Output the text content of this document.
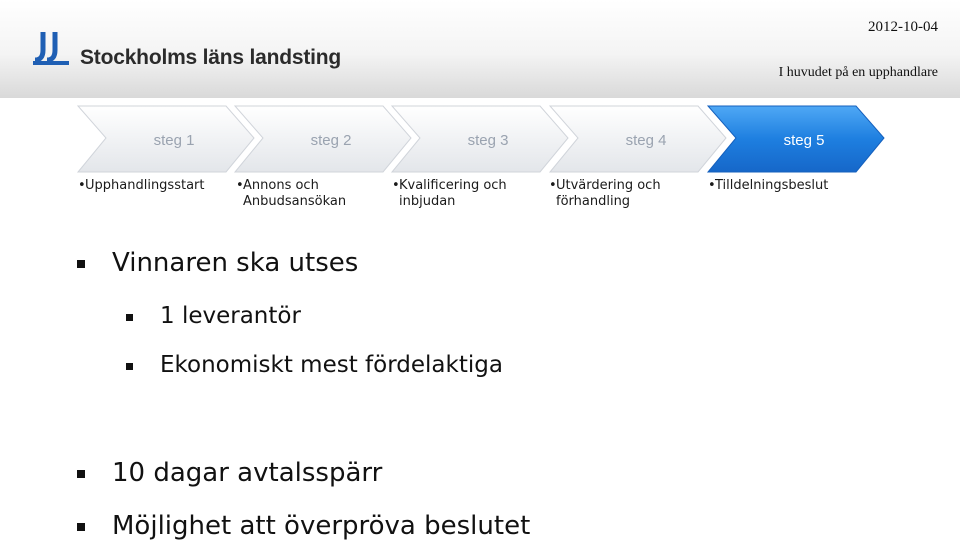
Stockholms läns landsting
2012-10-04
I huvudet på en upphandlare
steg 1	steg 2	steg 3	steg 4	steg 5
• Upphandlingsstart	• Annons och Anbudsansökan
• Kvalificering och inbjudan
• Utvärdering och förhandling
• Tilldelningsbeslut
Vinnaren ska utses
1 leverantör
Ekonomiskt mest fördelaktiga
10 dagar avtalsspärr
Möjlighet att överpröva beslutet
